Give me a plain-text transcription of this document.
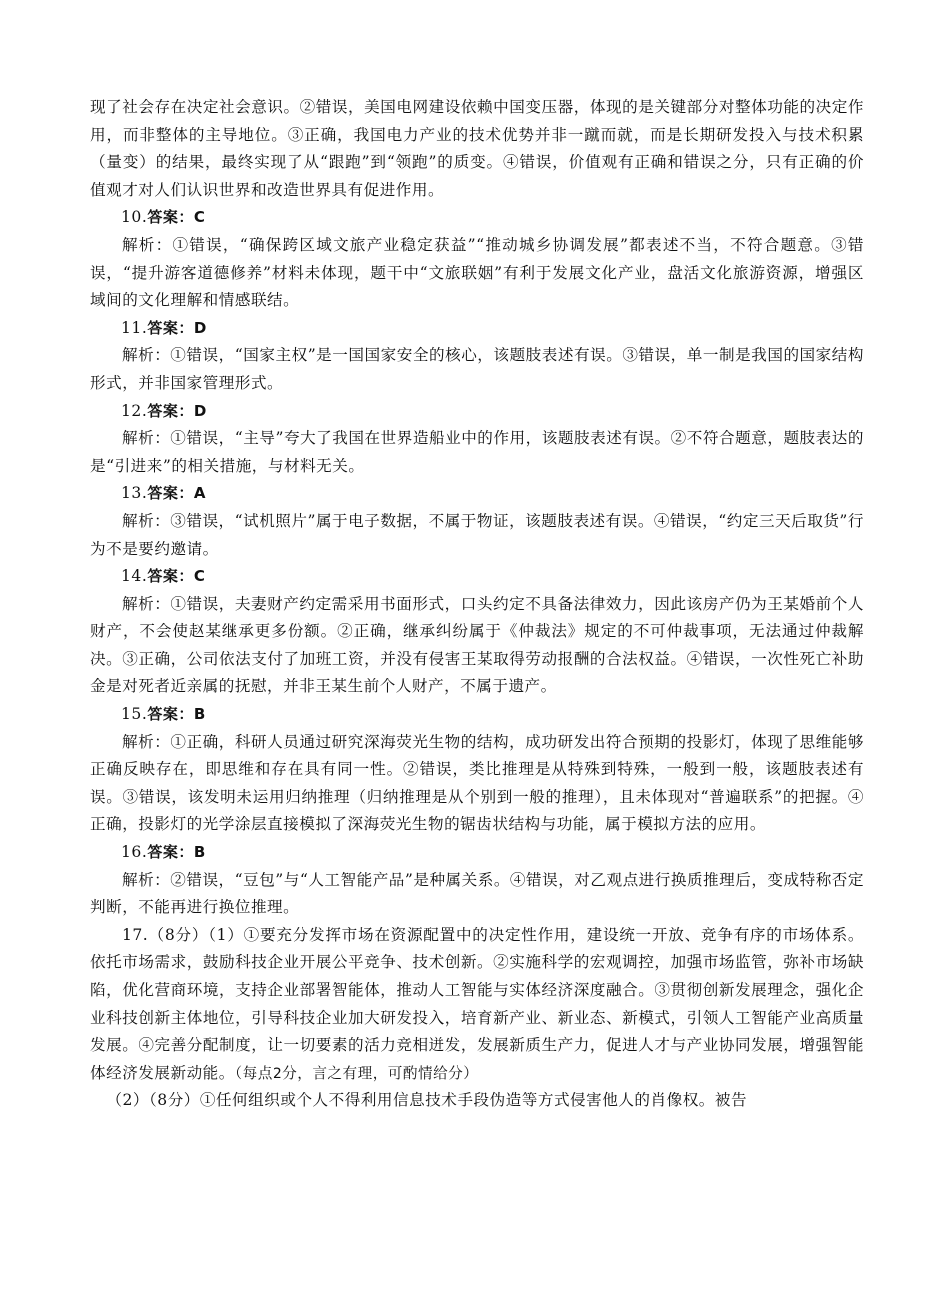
现了社会存在决定社会意识。②错误，美国电网建设依赖中国变压器，体现的是关键部分对整体功能的决定作用，而非整体的主导地位。③正确，我国电力产业的技术优势并非一蹴而就，而是长期研发投入与技术积累（量变）的结果，最终实现了从“跟跑”到“领跑”的质变。④错误，价值观有正确和错误之分，只有正确的价值观才对人们认识世界和改造世界具有促进作用。

10.答案：C

解析：①错误，“确保跨区域文旅产业稳定获益”“推动城乡协调发展”都表述不当，不符合题意。③错误，“提升游客道德修养”材料未体现，题干中“文旅联姻”有利于发展文化产业，盘活文化旅游资源，增强区域间的文化理解和情感联结。

11.答案：D

解析：①错误，“国家主权”是一国国家安全的核心，该题肢表述有误。③错误，单一制是我国的国家结构形式，并非国家管理形式。

12.答案：D

解析：①错误，“主导”夸大了我国在世界造船业中的作用，该题肢表述有误。②不符合题意，题肢表达的是“引进来”的相关措施，与材料无关。

13.答案：A

解析：③错误，“试机照片”属于电子数据，不属于物证，该题肢表述有误。④错误，“约定三天后取货”行为不是要约邀请。

14.答案：C

解析：①错误，夫妻财产约定需采用书面形式，口头约定不具备法律效力，因此该房产仍为王某婚前个人财产，不会使赵某继承更多份额。②正确，继承纠纷属于《仲裁法》规定的不可仲裁事项，无法通过仲裁解决。③正确，公司依法支付了加班工资，并没有侵害王某取得劳动报酬的合法权益。④错误，一次性死亡补助金是对死者近亲属的抚慰，并非王某生前个人财产，不属于遗产。

15.答案：B

解析：①正确，科研人员通过研究深海荧光生物的结构，成功研发出符合预期的投影灯，体现了思维能够正确反映存在，即思维和存在具有同一性。②错误，类比推理是从特殊到特殊，一般到一般，该题肢表述有误。③错误，该发明未运用归纳推理（归纳推理是从个别到一般的推理），且未体现对“普遍联系”的把握。④正确，投影灯的光学涂层直接模拟了深海荧光生物的锯齿状结构与功能，属于模拟方法的应用。

16.答案：B

解析：②错误，“豆包”与“人工智能产品”是种属关系。④错误，对乙观点进行换质推理后，变成特称否定判断，不能再进行换位推理。

17.（8分）（1）①要充分发挥市场在资源配置中的决定性作用，建设统一开放、竞争有序的市场体系。依托市场需求，鼓励科技企业开展公平竞争、技术创新。②实施科学的宏观调控，加强市场监管，弥补市场缺陷，优化营商环境，支持企业部署智能体，推动人工智能与实体经济深度融合。③贯彻创新发展理念，强化企业科技创新主体地位，引导科技企业加大研发投入，培育新产业、新业态、新模式，引领人工智能产业高质量发展。④完善分配制度，让一切要素的活力竞相迸发，发展新质生产力，促进人才与产业协同发展，增强智能体经济发展新动能。（每点2分，言之有理，可酌情给分）

（2）（8分）①任何组织或个人不得利用信息技术手段伪造等方式侵害他人的肖像权。被告
